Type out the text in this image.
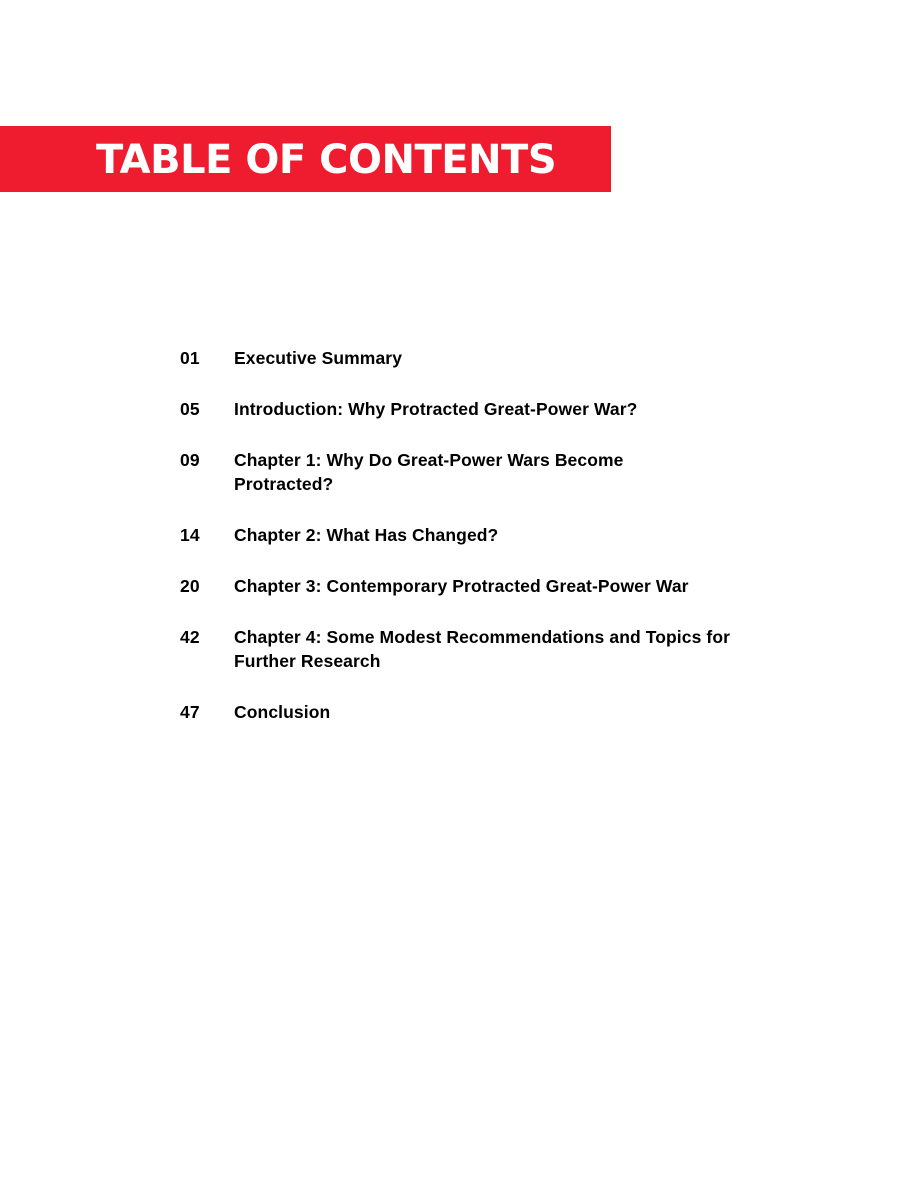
TABLE OF CONTENTS
01	Executive Summary
05	Introduction: Why Protracted Great-Power War?
09	Chapter 1: Why Do Great-Power Wars Become Protracted?
14	Chapter 2: What Has Changed?
20	Chapter 3: Contemporary Protracted Great-Power War
42	Chapter 4: Some Modest Recommendations and Topics for Further Research
47	Conclusion
